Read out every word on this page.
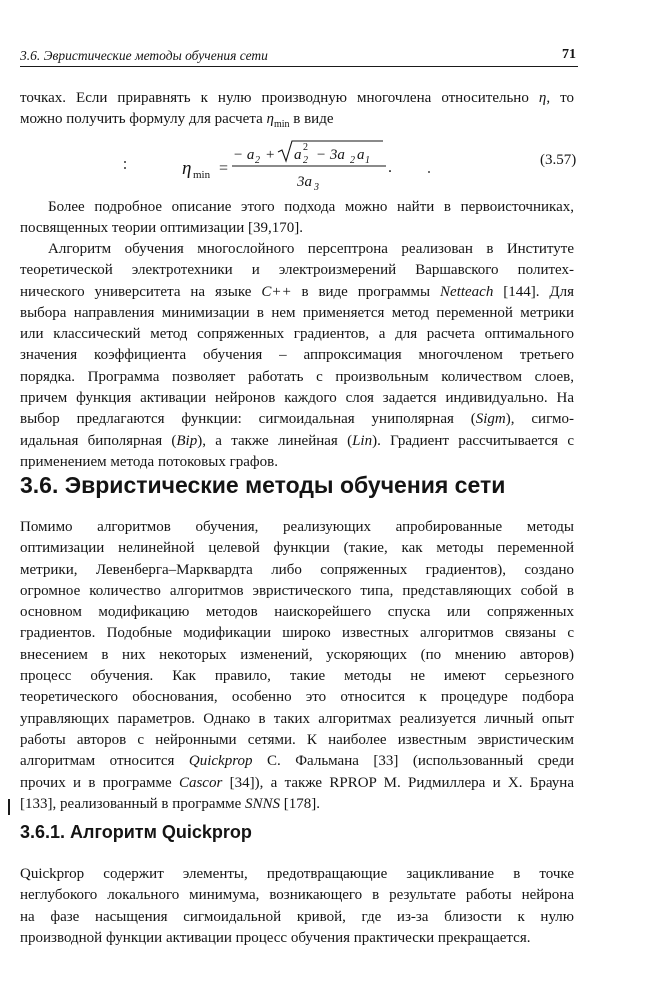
3.6. Эвристические методы обучения сети	71

точках. Если приравнять к нулю производную многочлена относительно η, то
можно получить формулу для расчета $\eta_{min}$ в виде

η min =
− a 2 + a 2
2 − 3a 2 a 1
3a 3
.	(3.57)

Более подробное описание этого подхода можно найти в первоисточниках,
посвященных теории оптимизации [39,170].

Алгоритм обучения многослойного персептрона реализован в Институте
теоретической электротехники и электроизмерений Варшавского политех-
нического университета на языке С++ в виде программы Netteach [144]. Для
выбора направления минимизации в нем применяется метод переменной метрики
или классический метод сопряженных градиентов, а для расчета оптимального
значения коэффициента обучения – аппроксимация многочленом третьего
порядка. Программа позволяет работать с произвольным количеством слоев,
причем функция активации нейронов каждого слоя задается индивидуально. На
выбор предлагаются функции: сигмоидальная униполярная (Sigm), сигмо-
идальная биполярная (Bip), а также линейная (Lin). Градиент рассчитывается с
применением метода потоковых графов.

3.6. Эвристические методы обучения сети

Помимо алгоритмов обучения, реализующих апробированные методы
оптимизации нелинейной целевой функции (такие, как методы переменной
метрики, Левенберга–Марквардта либо сопряженных градиентов), создано
огромное количество алгоритмов эвристического типа, представляющих собой в
основном модификацию методов наискорейшего спуска или сопряженных
градиентов. Подобные модификации широко известных алгоритмов связаны с
внесением в них некоторых изменений, ускоряющих (по мнению авторов)
процесс обучения. Как правило, такие методы не имеют серьезного
теоретического обоснования, особенно это относится к процедуре подбора
управляющих параметров. Однако в таких алгоритмах реализуется личный опыт
работы авторов с нейронными сетями. К наиболее известным эвристическим
алгоритмам относится Quickprop С. Фальмана [33] (использованный среди
прочих и в программе Cascor [34]), а также RPROP М. Ридмиллера и Х. Брауна
[133], реализованный в программе SNNS [178].

3.6.1. Алгоритм Quickprop

Quickprop содержит элементы, предотвращающие зацикливание в точке
неглубокого локального минимума, возникающего в результате работы нейрона
на фазе насыщения сигмоидальной кривой, где из-за близости к нулю
производной функции активации процесс обучения практически прекращается.
